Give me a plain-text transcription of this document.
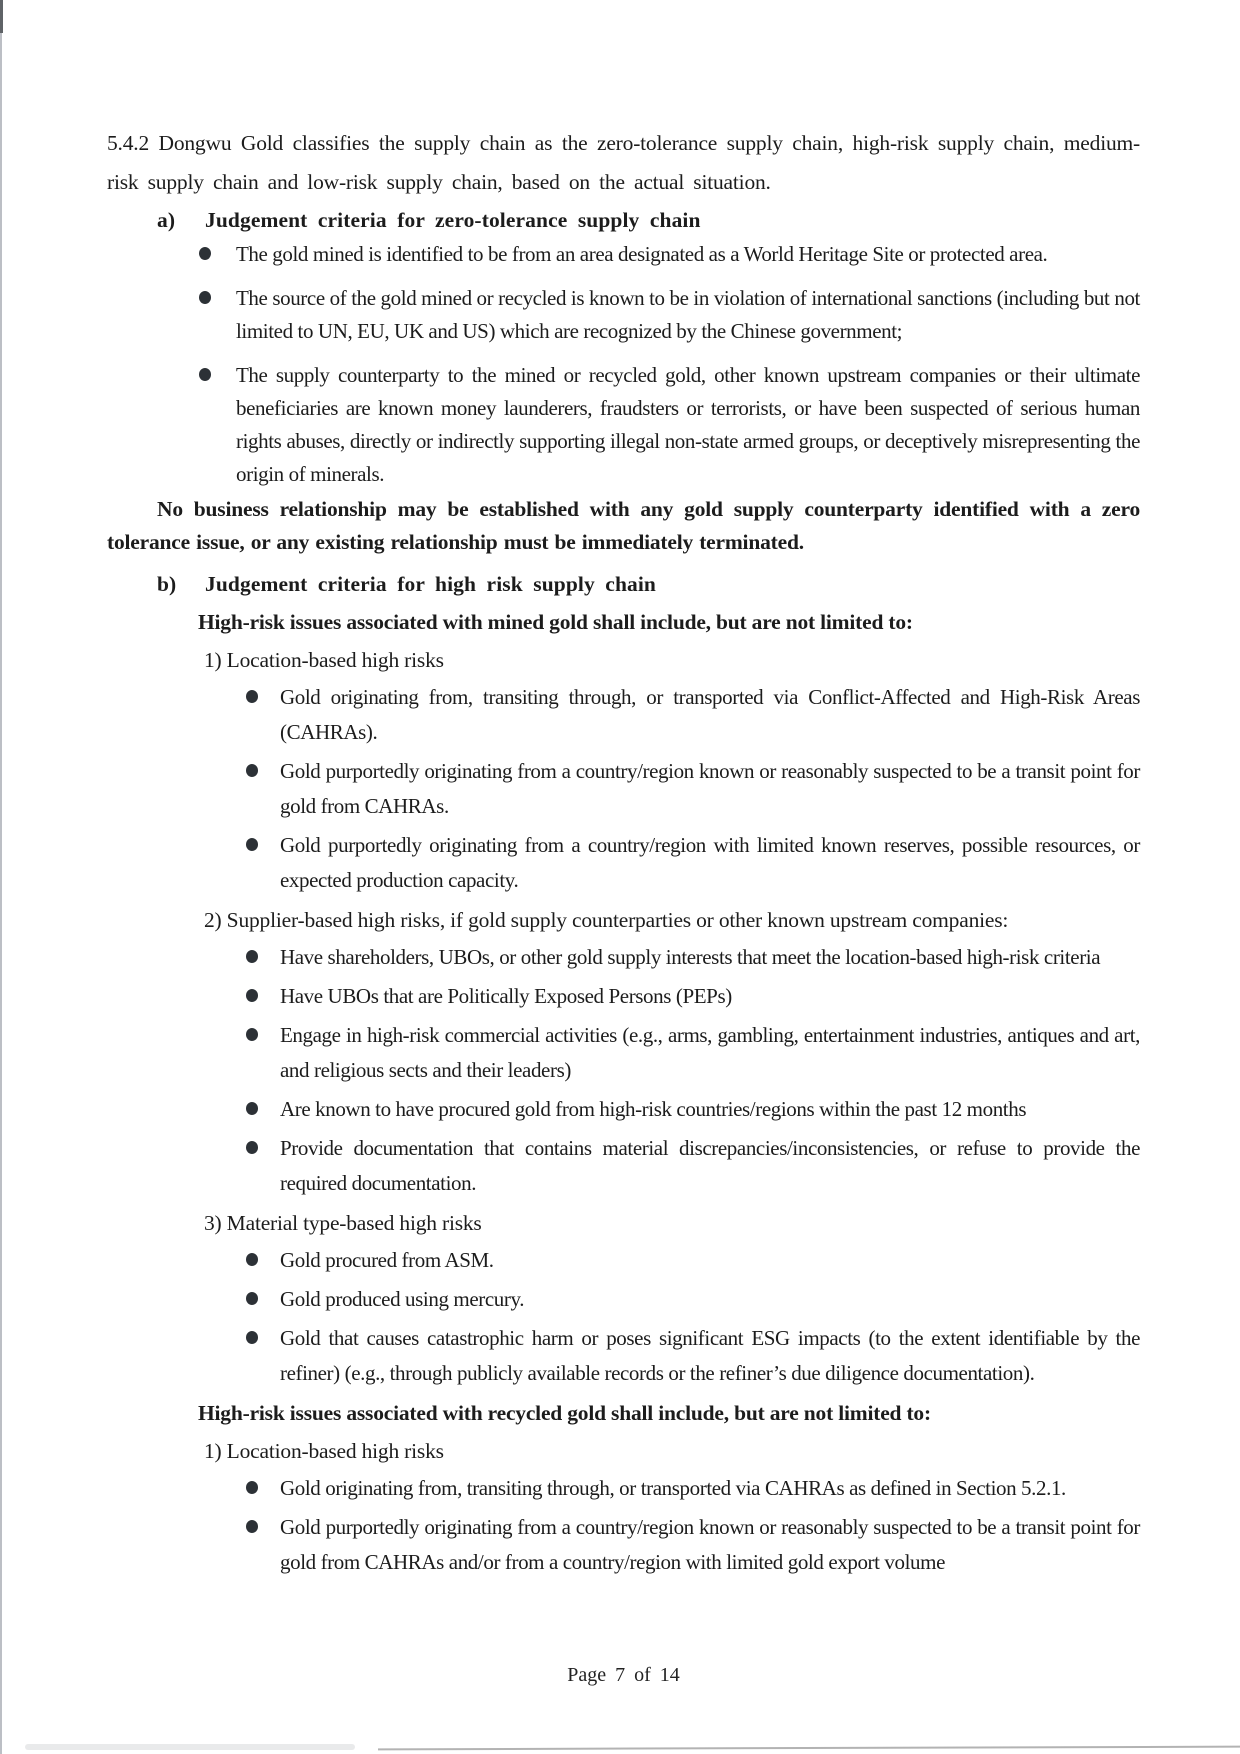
5.4.2 Dongwu Gold classifies the supply chain as the zero-tolerance supply chain, high-risk supply chain, medium-risk supply chain and low-risk supply chain, based on the actual situation.

a) Judgement criteria for zero-tolerance supply chain
The gold mined is identified to be from an area designated as a World Heritage Site or protected area.
The source of the gold mined or recycled is known to be in violation of international sanctions (including but not limited to UN, EU, UK and US) which are recognized by the Chinese government;
The supply counterparty to the mined or recycled gold, other known upstream companies or their ultimate beneficiaries are known money launderers, fraudsters or terrorists, or have been suspected of serious human rights abuses, directly or indirectly supporting illegal non-state armed groups, or deceptively misrepresenting the origin of minerals.

No business relationship may be established with any gold supply counterparty identified with a zero tolerance issue, or any existing relationship must be immediately terminated.

b) Judgement criteria for high risk supply chain
High-risk issues associated with mined gold shall include, but are not limited to:
1) Location-based high risks
Gold originating from, transiting through, or transported via Conflict-Affected and High-Risk Areas (CAHRAs).
Gold purportedly originating from a country/region known or reasonably suspected to be a transit point for gold from CAHRAs.
Gold purportedly originating from a country/region with limited known reserves, possible resources, or expected production capacity.
2) Supplier-based high risks, if gold supply counterparties or other known upstream companies:
Have shareholders, UBOs, or other gold supply interests that meet the location-based high-risk criteria
Have UBOs that are Politically Exposed Persons (PEPs)
Engage in high-risk commercial activities (e.g., arms, gambling, entertainment industries, antiques and art, and religious sects and their leaders)
Are known to have procured gold from high-risk countries/regions within the past 12 months
Provide documentation that contains material discrepancies/inconsistencies, or refuse to provide the required documentation.
3) Material type-based high risks
Gold procured from ASM.
Gold produced using mercury.
Gold that causes catastrophic harm or poses significant ESG impacts (to the extent identifiable by the refiner) (e.g., through publicly available records or the refiner’s due diligence documentation).
High-risk issues associated with recycled gold shall include, but are not limited to:
1) Location-based high risks
Gold originating from, transiting through, or transported via CAHRAs as defined in Section 5.2.1.
Gold purportedly originating from a country/region known or reasonably suspected to be a transit point for gold from CAHRAs and/or from a country/region with limited gold export volume
Page 7 of 14
